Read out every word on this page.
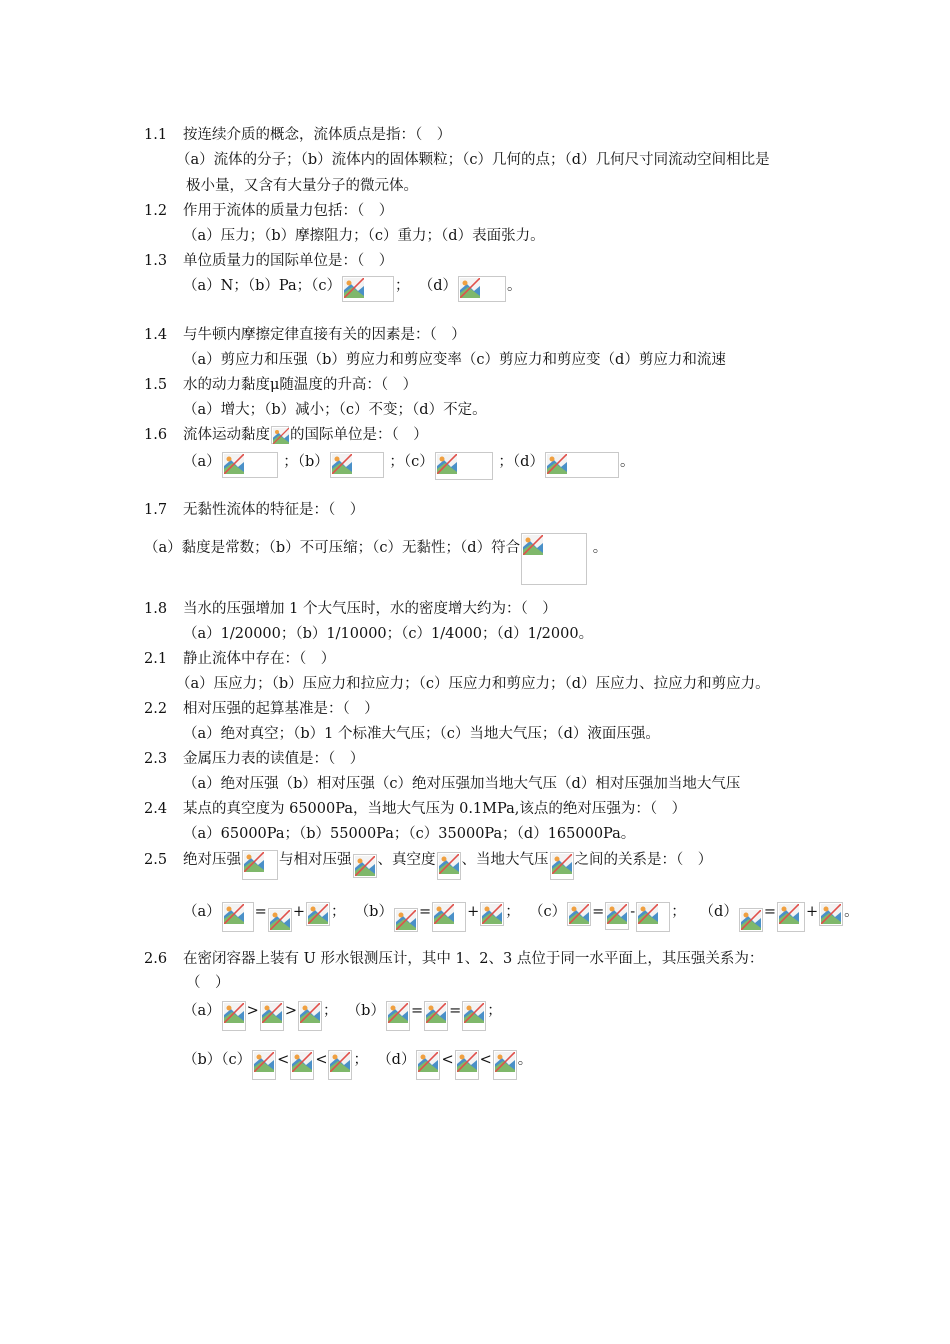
1.1 按连续介质的概念，流体质点是指：（　）
（a）流体的分子；（b）流体内的固体颗粒；（c）几何的点；（d）几何尺寸同流动空间相比是
极小量，又含有大量分子的微元体。
1.2 作用于流体的质量力包括：（　）
（a）压力；（b）摩擦阻力；（c）重力；（d）表面张力。
1.3 单位质量力的国际单位是：（　）
（a）N；（b）Pa；（c）	； （d）	。
1.4 与牛顿内摩擦定律直接有关的因素是：（　）
（a）剪应力和压强（b）剪应力和剪应变率（c）剪应力和剪应变（d）剪应力和流速
1.5 水的动力黏度μ随温度的升高：（　）
（a）增大；（b）减小；（c）不变；（d）不定。
1.6 流体运动黏度 的国际单位是：（　）
（a）	；（b）	；（c）	；（d）	。
1.7 无黏性流体的特征是：（　）
（a）黏度是常数；（b）不可压缩；（c）无黏性；（d）符合	。
1.8 当水的压强增加 1 个大气压时，水的密度增大约为：（　）
（a）1/20000；（b）1/10000；（c）1/4000；（d）1/2000。
2.1 静止流体中存在：（　）
（a）压应力；（b）压应力和拉应力；（c）压应力和剪应力；（d）压应力、拉应力和剪应力。
2.2 相对压强的起算基准是：（　）
（a）绝对真空；（b）1 个标准大气压；（c）当地大气压；（d）液面压强。
2.3 金属压力表的读值是：（　）
（a）绝对压强（b）相对压强（c）绝对压强加当地大气压（d）相对压强加当地大气压
2.4 某点的真空度为 65000Pa，当地大气压为 0.1MPa,该点的绝对压强为：（　）
（a）65000Pa；（b）55000Pa；（c）35000Pa；（d）165000Pa。
2.5 绝对压强	与相对压强 、真空度 、当地大气压 之间的关系是：（　）
（a） = + ； （b） = + ； （c） = - ； （d） = + 。
2.6 在密闭容器上装有 U 形水银测压计，其中 1、2、3 点位于同一水平面上，其压强关系为：
（　）
（a） > > ； （b） = = ；
（b）（c） < < ； （d） < < 。
